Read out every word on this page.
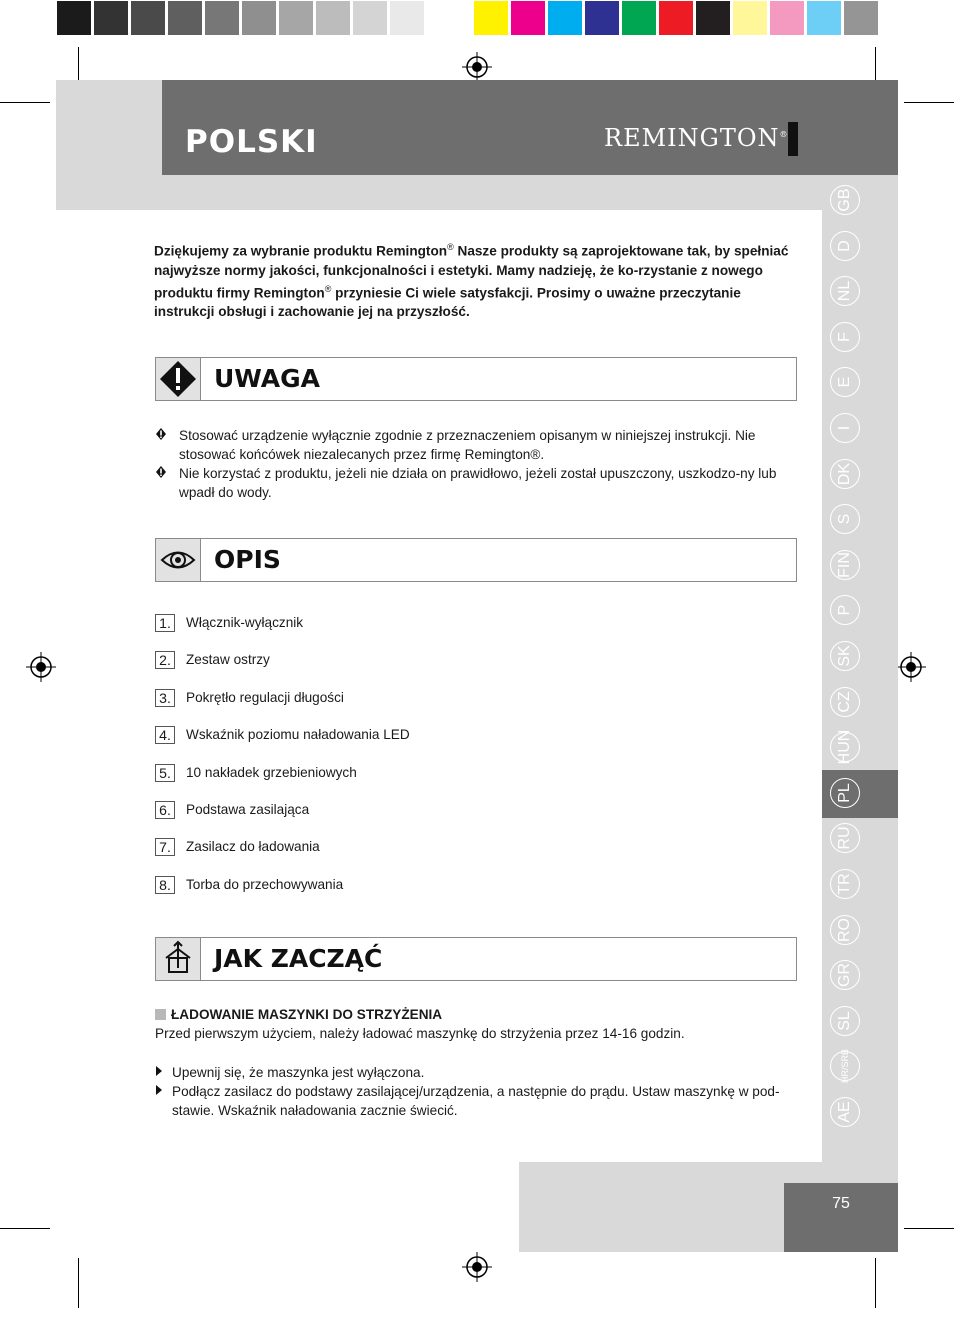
POLSKI	REMINGTON®
GB
D
NL
F
E
I
DK
S
FIN
P
SK
CZ
HUN
PL
RU
TR
RO
GR
SL
HR/SRB
AE
Dziękujemy za wybranie produktu Remington® Nasze produkty są zaprojektowane tak, by spełniać najwyższe normy jakości, funkcjonalności i estetyki. Mamy nadzieję, że ko-rzystanie z nowego produktu firmy Remington® przyniesie Ci wiele satysfakcji. Prosimy o uważne przeczytanie instrukcji obsługi i zachowanie jej na przyszłość.
UWAGA
Stosować urządzenie wyłącznie zgodnie z przeznaczeniem opisanym w niniejszej instrukcji. Nie stosować końcówek niezalecanych przez firmę Remington®.
Nie korzystać z produktu, jeżeli nie działa on prawidłowo, jeżeli został upuszczony, uszkodzo-ny lub wpadł do wody.
OPIS
1.	Włącznik-wyłącznik
2.	Zestaw ostrzy
3.	Pokrętło regulacji długości
4.	Wskaźnik poziomu naładowania LED
5.	10 nakładek grzebieniowych
6.	Podstawa zasilająca
7.	Zasilacz do ładowania
8.	Torba do przechowywania
JAK ZACZĄĆ
ŁADOWANIE MASZYNKI DO STRZYŻENIA
Przed pierwszym użyciem, należy ładować maszynkę do strzyżenia przez 14-16 godzin.
Upewnij się, że maszynka jest wyłączona.
Podłącz zasilacz do podstawy zasilającej/urządzenia, a następnie do prądu. Ustaw maszynkę w pod-stawie. Wskaźnik naładowania zacznie świecić.
75
